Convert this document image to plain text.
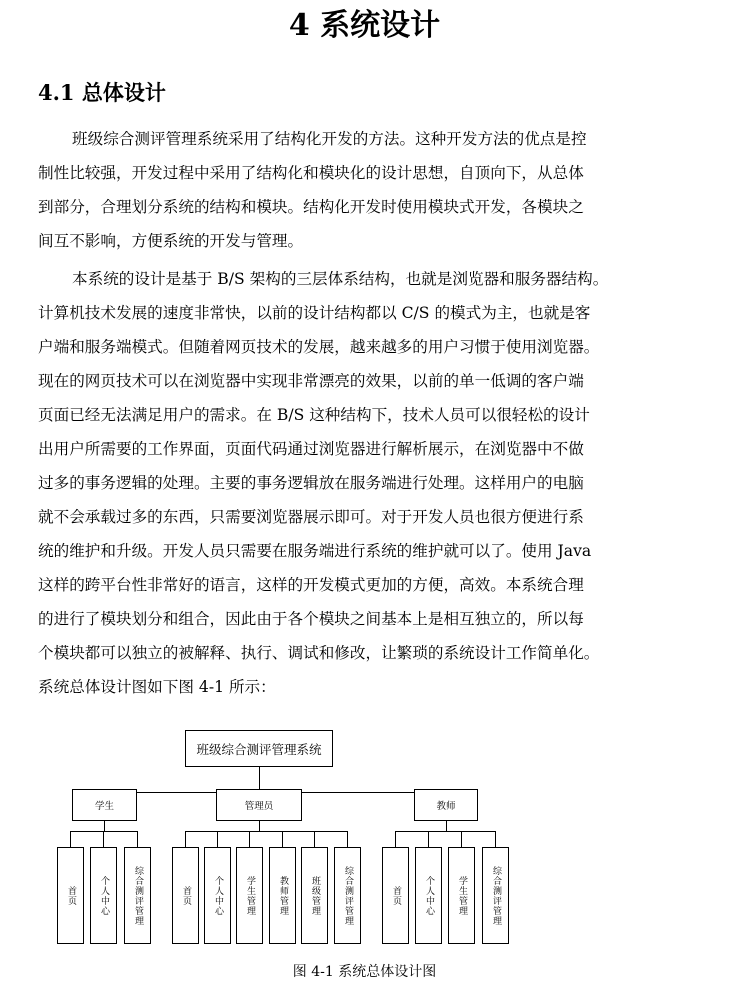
4 系统设计
4.1 总体设计

班级综合测评管理系统采用了结构化开发的方法。这种开发方法的优点是控
制性比较强，开发过程中采用了结构化和模块化的设计思想，自顶向下，从总体
到部分，合理划分系统的结构和模块。结构化开发时使用模块式开发，各模块之
间互不影响，方便系统的开发与管理。

本系统的设计是基于 B/S 架构的三层体系结构，也就是浏览器和服务器结构。
计算机技术发展的速度非常快，以前的设计结构都以 C/S 的模式为主，也就是客
户端和服务端模式。但随着网页技术的发展，越来越多的用户习惯于使用浏览器。
现在的网页技术可以在浏览器中实现非常漂亮的效果，以前的单一低调的客户端
页面已经无法满足用户的需求。在 B/S 这种结构下，技术人员可以很轻松的设计
出用户所需要的工作界面，页面代码通过浏览器进行解析展示，在浏览器中不做
过多的事务逻辑的处理。主要的事务逻辑放在服务端进行处理。这样用户的电脑
就不会承载过多的东西，只需要浏览器展示即可。对于开发人员也很方便进行系
统的维护和升级。开发人员只需要在服务端进行系统的维护就可以了。使用 Java
这样的跨平台性非常好的语言，这样的开发模式更加的方便，高效。本系统合理
的进行了模块划分和组合，因此由于各个模块之间基本上是相互独立的，所以每
个模块都可以独立的被解释、执行、调试和修改，让繁琐的系统设计工作简单化。
系统总体设计图如下图 4-1 所示：

班级综合测评管理系统
学生	管理员	教师
首页	个人中心	综合测评管理	首页	个人中心	学生管理	教师管理	班级管理	综合测评管理	首页	个人中心	学生管理	综合测评管理

图 4-1 系统总体设计图
